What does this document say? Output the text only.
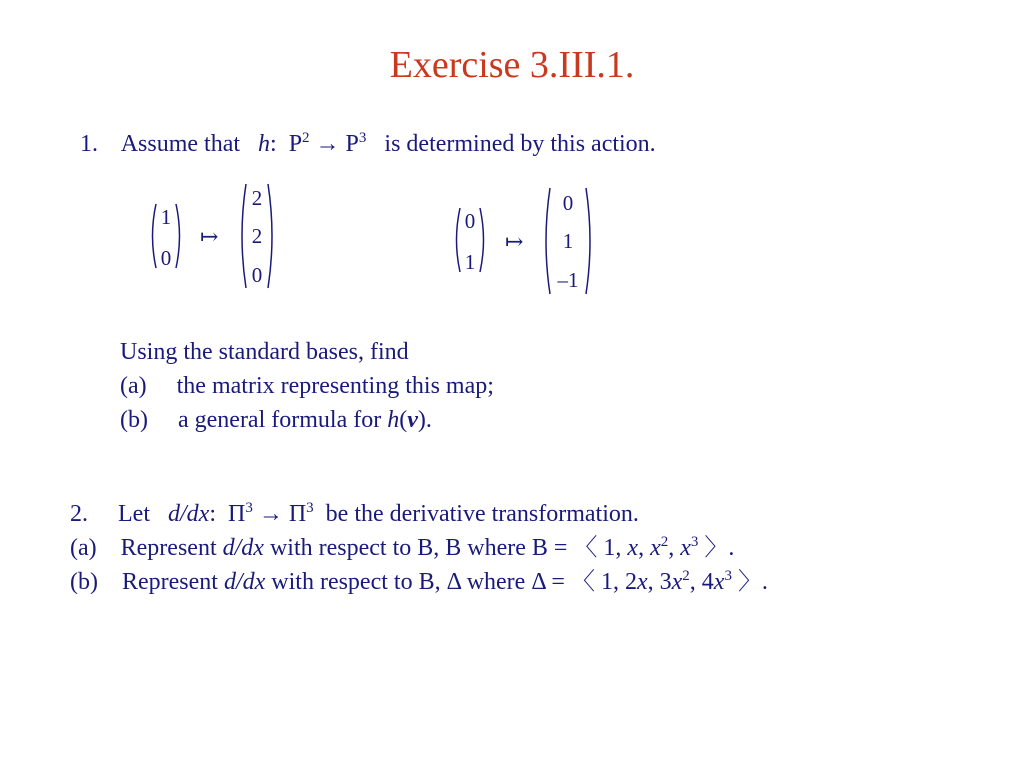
Exercise 3.III.1.
1. Assume that h: $P^2 \to P^3$ is determined by this action.
1
0
↦
2
2
0
0
1
↦
0
1
–1
Using the standard bases, find
(a) the matrix representing this map;
(b) a general formula for h(v).
2. Let d/dx: $\Pi^3 \to \Pi^3$ be the derivative transformation.
(a) Represent d/dx with respect to B, B where B = 〈 1, x, $x^2$, $x^3$ 〉.
(b) Represent d/dx with respect to B, Δ where Δ = 〈 1, 2x, $3x^2$, $4x^3$ 〉.
